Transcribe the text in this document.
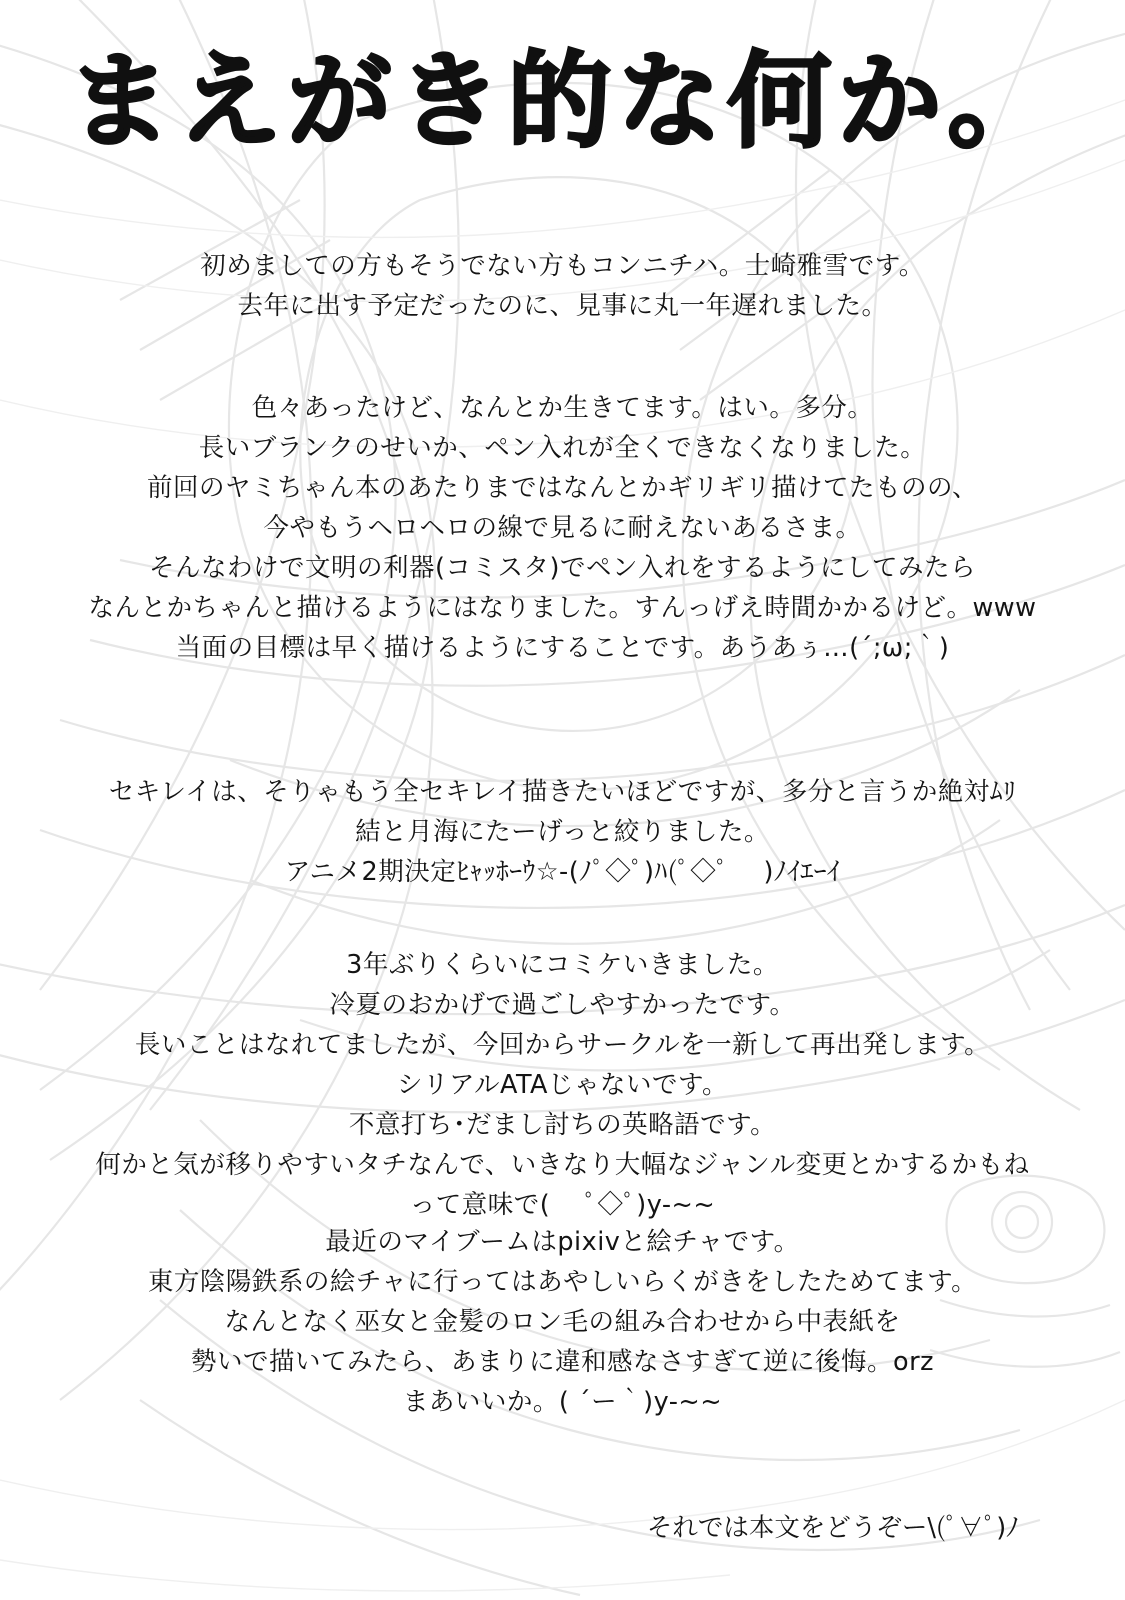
まえがき的な何か。

初めましての方もそうでない方もコンニチハ。士崎雅雪です。

去年に出す予定だったのに、見事に丸一年遅れました。

色々あったけど、なんとか生きてます。はい。多分。

長いブランクのせいか、ペン入れが全くできなくなりました。

前回のヤミちゃん本のあたりまではなんとかギリギリ描けてたものの、

今やもうヘロヘロの線で見るに耐えないあるさま。

そんなわけで文明の利器(コミスタ)でペン入れをするようにしてみたら

なんとかちゃんと描けるようにはなりました。すんっげえ時間かかるけど。www

当面の目標は早く描けるようにすることです。あうあぅ…(´;ω;｀)

セキレイは、そりゃもう全セキレイ描きたいほどですが、多分と言うか絶対ﾑﾘ

結と月海にたーげっと絞りました。

アニメ2期決定ﾋｬｯﾎｰｳ☆-(ﾉﾟ◇ﾟ)ﾊ(ﾟ◇ﾟ 　)ﾉｲｴｰｲ

3年ぶりくらいにコミケいきました。

冷夏のおかげで過ごしやすかったです。

長いことはなれてましたが、今回からサークルを一新して再出発します。

シリアルATAじゃないです。

不意打ち･だまし討ちの英略語です。

何かと気が移りやすいタチなんで、いきなり大幅なジャンル変更とかするかもね

って意味で( 　ﾟ◇ﾟ)y-~~

最近のマイブームはpixivと絵チャです。

東方陰陽鉄系の絵チャに行ってはあやしいらくがきをしたためてます。

なんとなく巫女と金髪のロン毛の組み合わせから中表紙を

勢いで描いてみたら、あまりに違和感なさすぎて逆に後悔。orz

まあいいか。( ´ー｀)y-~~

それでは本文をどうぞー\(ﾟ∀ﾟ)ﾉ
